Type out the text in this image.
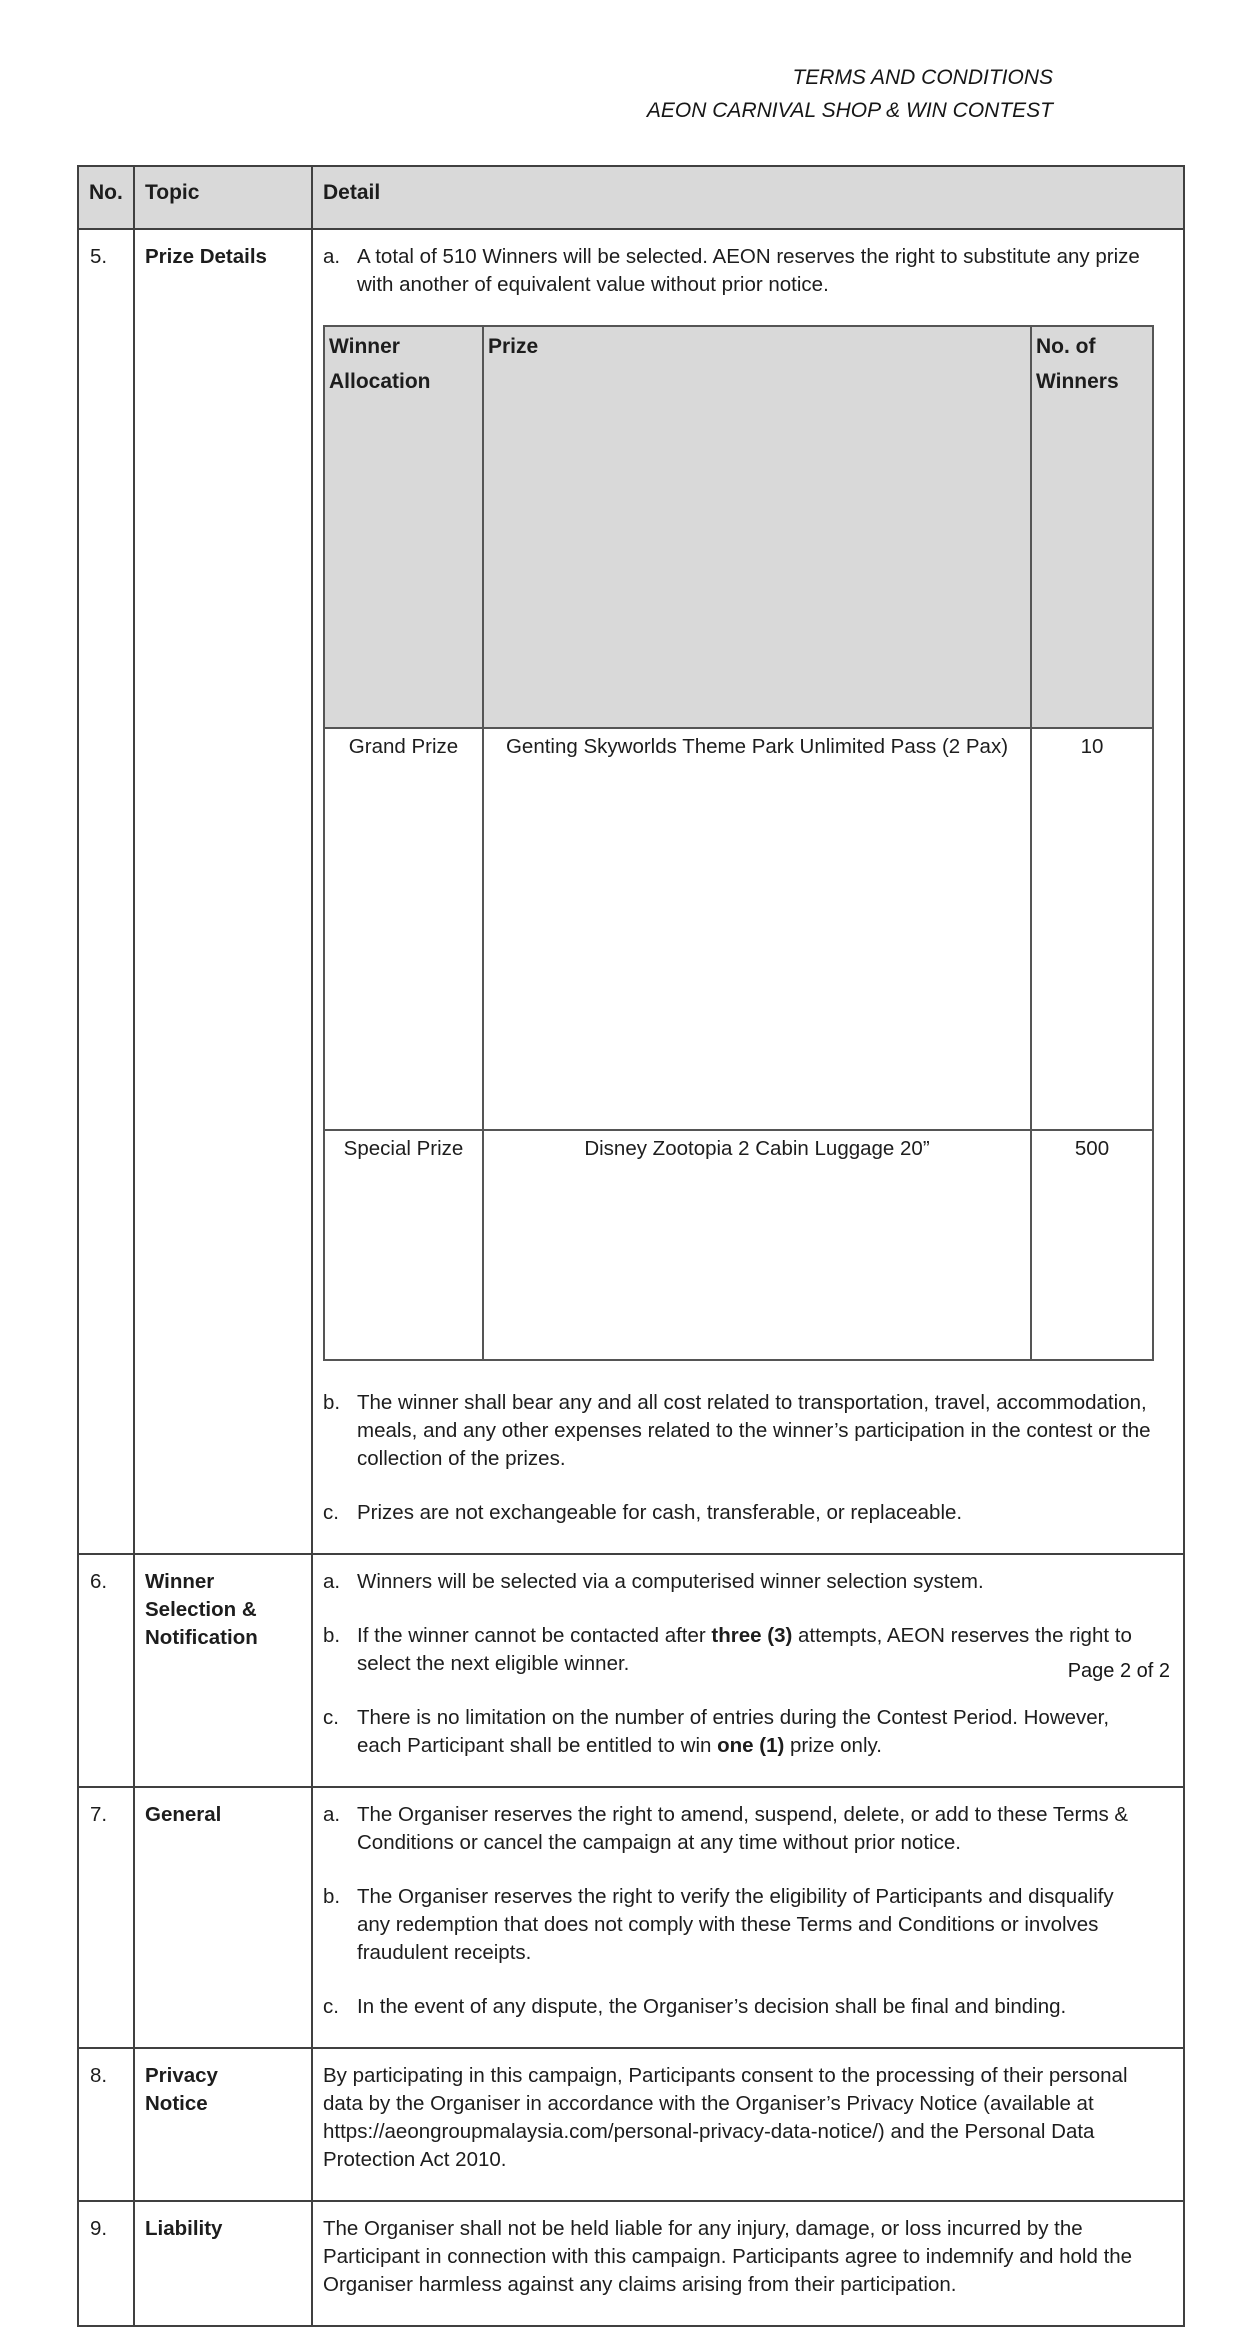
TERMS AND CONDITIONS
AEON CARNIVAL SHOP & WIN CONTEST
No.	Topic	Detail
5.	Prize Details	a. A total of 510 Winners will be selected. AEON reserves the right to substitute any prize with another of equivalent value without prior notice.
Winner Allocation	Prize	No. of Winners
Grand Prize	Genting Skyworlds Theme Park Unlimited Pass (2 Pax)	10
Special Prize	Disney Zootopia 2 Cabin Luggage 20”	500
b. The winner shall bear any and all cost related to transportation, travel, accommodation, meals, and any other expenses related to the winner’s participation in the contest or the collection of the prizes.
c. Prizes are not exchangeable for cash, transferable, or replaceable.

6.	Winner Selection & Notification	
a. Winners will be selected via a computerised winner selection system.
b. If the winner cannot be contacted after three (3) attempts, AEON reserves the right to select the next eligible winner.
c. There is no limitation on the number of entries during the Contest Period. However, each Participant shall be entitled to win one (1) prize only.

7.	General	a. The Organiser reserves the right to amend, suspend, delete, or add to these Terms & Conditions or cancel the campaign at any time without prior notice.
b. The Organiser reserves the right to verify the eligibility of Participants and disqualify any redemption that does not comply with these Terms and Conditions or involves fraudulent receipts.
c. In the event of any dispute, the Organiser’s decision shall be final and binding.

8.	Privacy Notice	
By participating in this campaign, Participants consent to the processing of their personal data by the Organiser in accordance with the Organiser’s Privacy Notice (available at https://aeongroupmalaysia.com/personal-privacy-data-notice/) and the Personal Data Protection Act 2010.

9.	Liability	The Organiser shall not be held liable for any injury, damage, or loss incurred by the Participant in connection with this campaign. Participants agree to indemnify and hold the Organiser harmless against any claims arising from their participation.
Page 2 of 2
